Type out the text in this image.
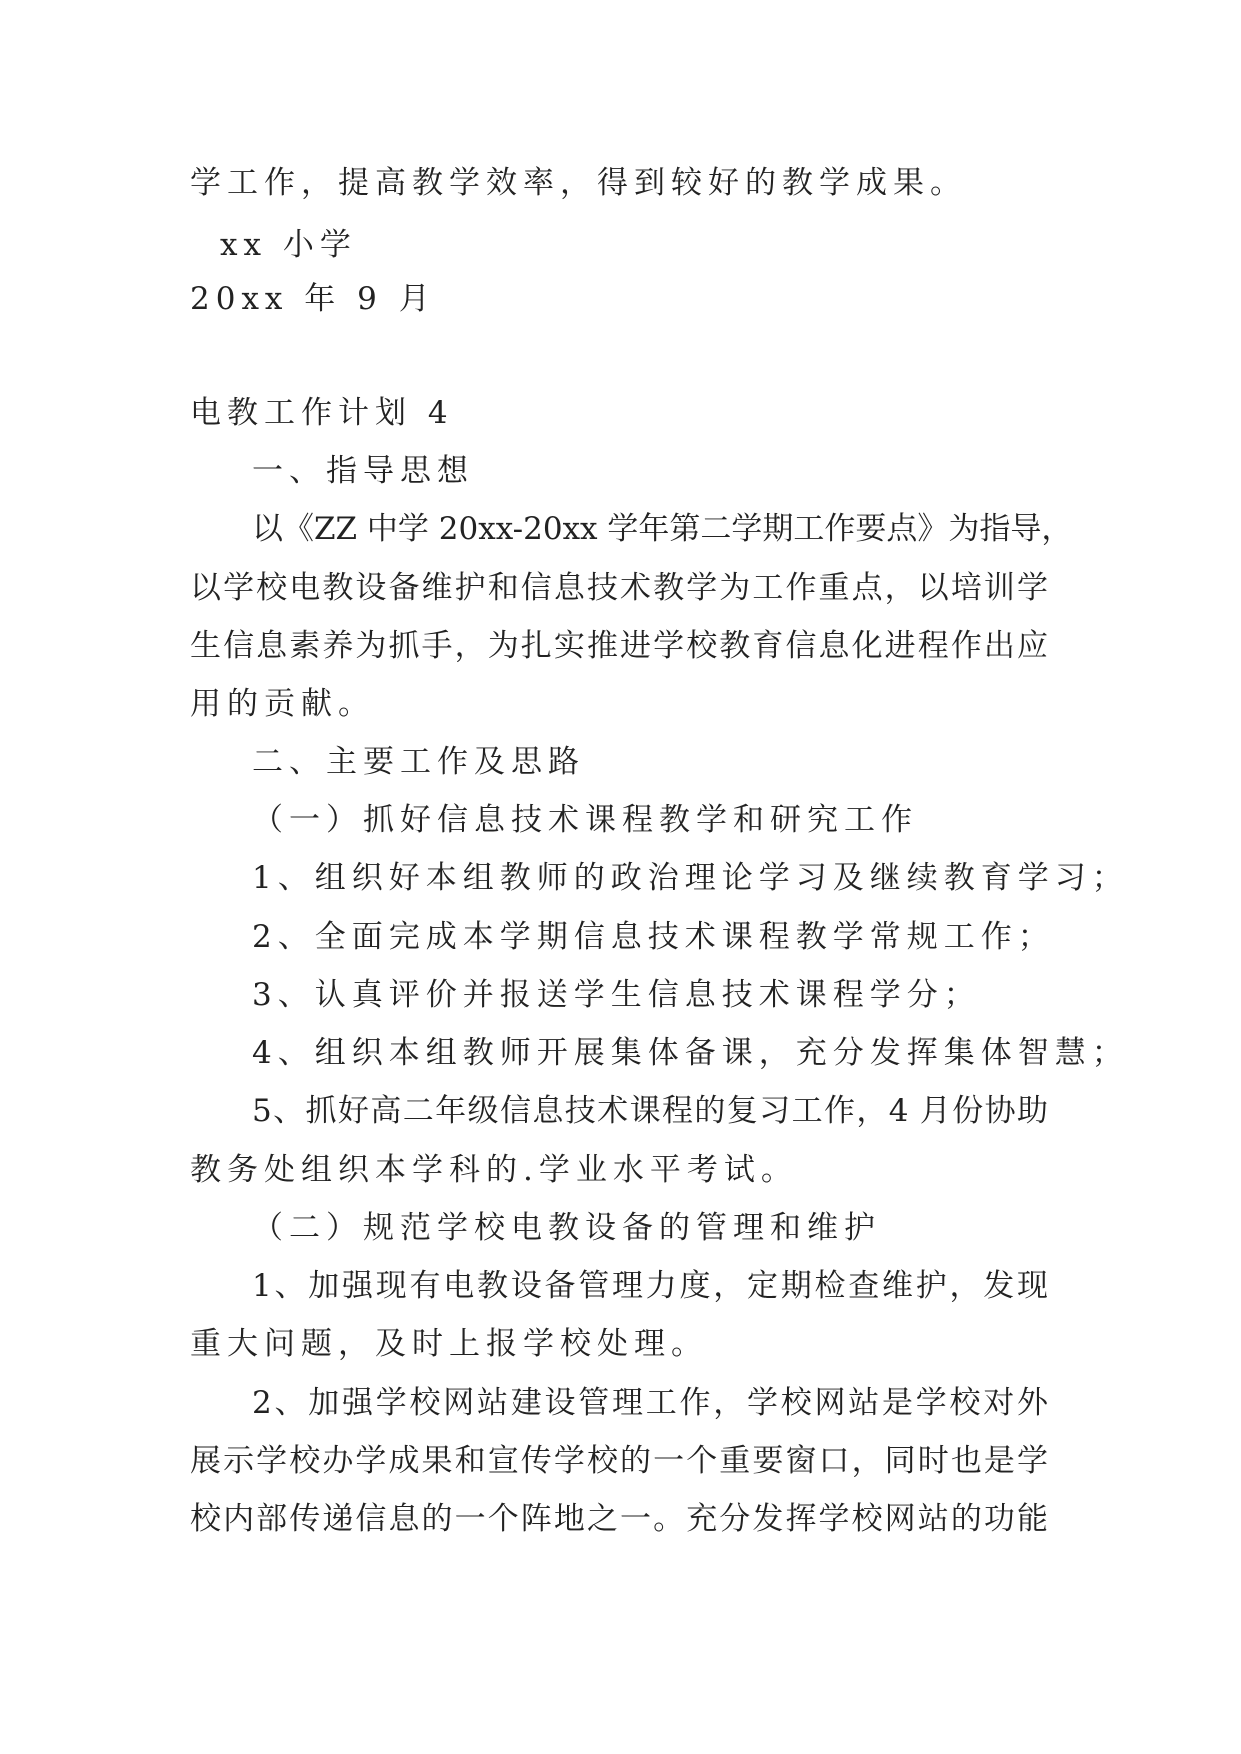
学工作，提高教学效率，得到较好的教学成果。
xx 小学
20xx 年 9 月
电教工作计划 4
一、指导思想
以《ZZ 中学 20xx-20xx 学年第二学期工作要点》为指导，
以学校电教设备维护和信息技术教学为工作重点，以培训学
生信息素养为抓手，为扎实推进学校教育信息化进程作出应
用的贡献。
二、主要工作及思路
（一）抓好信息技术课程教学和研究工作
1、组织好本组教师的政治理论学习及继续教育学习；
2、全面完成本学期信息技术课程教学常规工作；
3、认真评价并报送学生信息技术课程学分；
4、组织本组教师开展集体备课，充分发挥集体智慧；
5、抓好高二年级信息技术课程的复习工作，4 月份协助
教务处组织本学科的.学业水平考试。
（二）规范学校电教设备的管理和维护
1、加强现有电教设备管理力度，定期检查维护，发现
重大问题，及时上报学校处理。
2、加强学校网站建设管理工作，学校网站是学校对外
展示学校办学成果和宣传学校的一个重要窗口，同时也是学
校内部传递信息的一个阵地之一。充分发挥学校网站的功能
